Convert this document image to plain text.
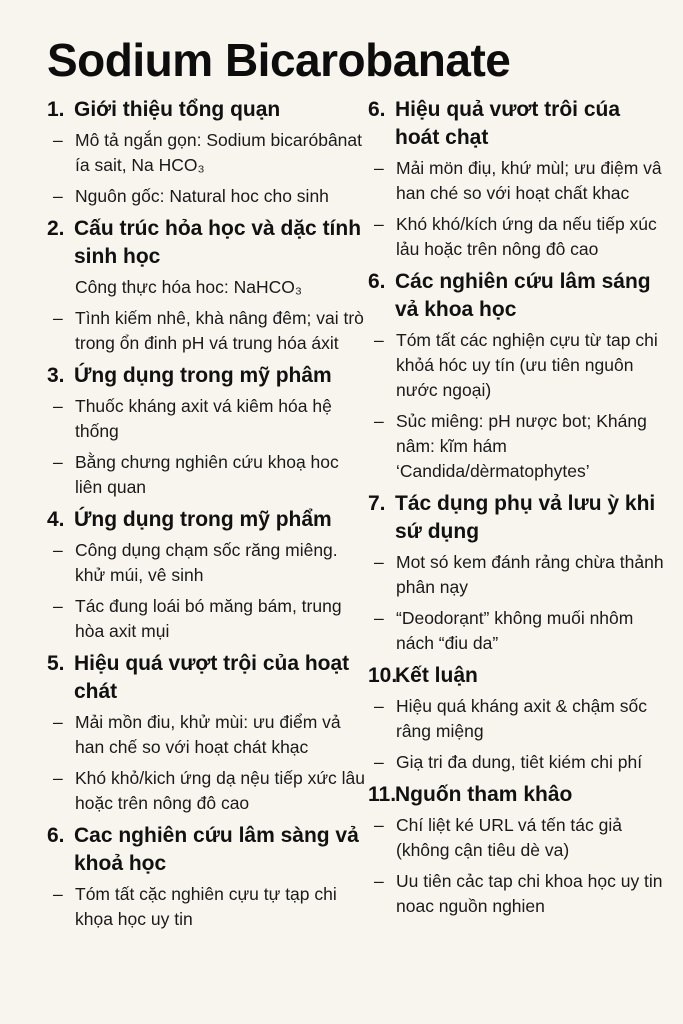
Sodium Bicarobanate
1. Giới thiệu tổng quạn
– Mô tả ngắn gọn: Sodium bicaróbânat ía sait, Na HCO₃
– Nguôn gốc: Natural hoc cho sinh
2. Cấu trúc hỏa học và dặc tính sinh học
Công thực hóa hoc: NaHCO₃
– Tình kiếm nhê, khà nâng đêm; vai trò trong ổn đinh pH vá trung hóa áxit
3. Ứng dụng trong mỹ phâm
– Thuốc kháng axit vá kiêm hóa hệ thống
– Bằng chưng nghiên cứu khoạ hoc liên quan
4. Ứng dụng trong mỹ phẩm
– Công dụng chạm sốc răng miêng. khử múi, vê sinh
– Tác đung loái bó măng bám, trung hòa axit mụi
5. Hiệu quá vượt trội của hoạt chát
– Mải mồn điu, khử mùi: ưu điểm vả han chế so với hoạt chát khạc
– Khó khỏ/kich ứng dạ nệu tiếp xức lâu hoặc trên nông đô cao
6. Cac nghiên cứu lâm sàng vả khoả học
– Tóm tất cặc nghiên cựu tự tạp chi khọa học uy tin
6. Hiệu quả vươt trôi cúa hoát chạt
– Mải mön điụ, khứ mùl; ưu điệm vâ han ché so với hoạt chất khac
– Khó khó/kích ứng da nếu tiếp xúc lảu hoặc trên nông đô cao
6. Các nghiên cứu lâm sáng vả khoa học
– Tóm tất các nghiện cựu từ tap chi khỏá hóc uy tín (ưu tiên nguôn nước ngoại)
– Sủc miêng: pH nược bot; Kháng nâm: kĩm hám ‘Candida/dèrmatophytes’
7. Tác dụng phụ vả lưu ỳ khi sứ dụng
– Mot só kem đánh rảng chừa thảnh phân nạy
– “Deodorạnt” không muối nhôm nách “điu da”
10.Kết luận
– Hiệu quá kháng axit & chậm sốc râng miệng
– Giạ tri đa dung, tiêt kiém chi phí
11.Nguốn tham khâo
– Chí liệt ké URL vá tến tác giả (không cận tiêu dè va)
– Uu tiên cảc tap chi khoa học uy tin noac nguồn nghien
